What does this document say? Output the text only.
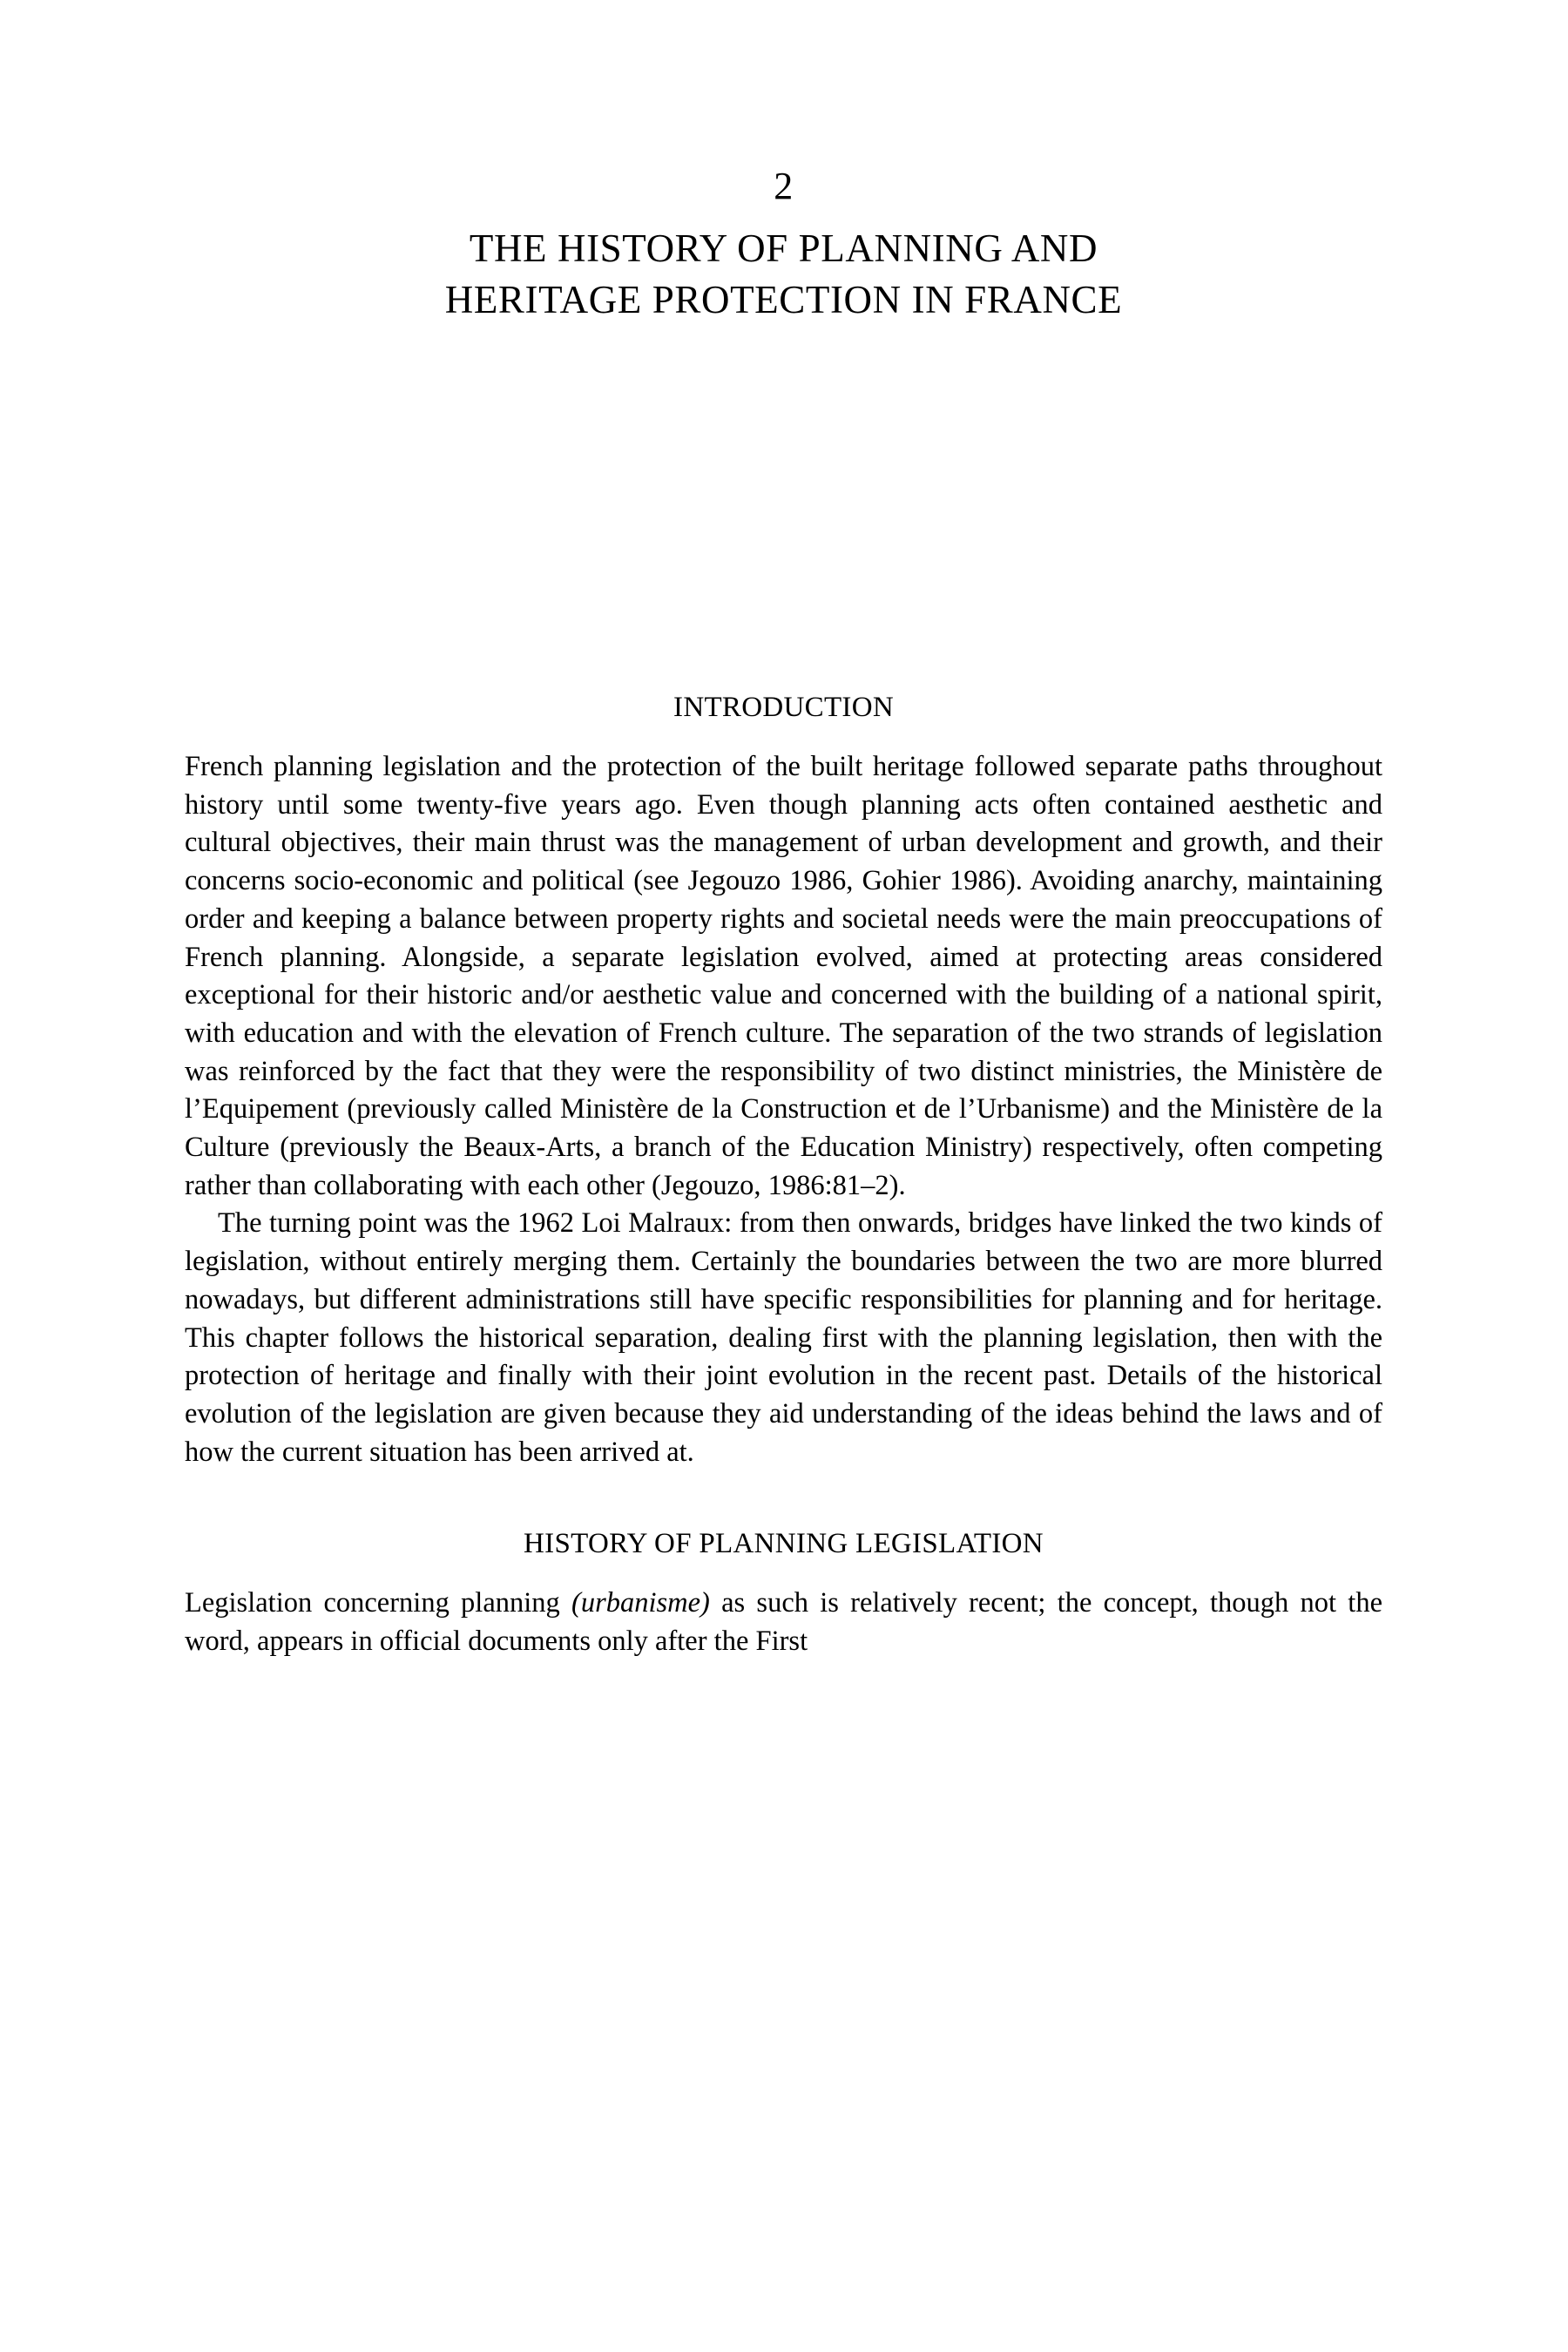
2
THE HISTORY OF PLANNING AND
HERITAGE PROTECTION IN FRANCE
INTRODUCTION

French planning legislation and the protection of the built heritage followed separate paths throughout history until some twenty-five years ago. Even though planning acts often contained aesthetic and cultural objectives, their main thrust was the management of urban development and growth, and their concerns socio-economic and political (see Jegouzo 1986, Gohier 1986). Avoiding anarchy, maintaining order and keeping a balance between property rights and societal needs were the main preoccupations of French planning. Alongside, a separate legislation evolved, aimed at protecting areas considered exceptional for their historic and/or aesthetic value and concerned with the building of a national spirit, with education and with the elevation of French culture. The separation of the two strands of legislation was reinforced by the fact that they were the responsibility of two distinct ministries, the Ministère de l’Equipement (previously called Ministère de la Construction et de l’Urbanisme) and the Ministère de la Culture (previously the Beaux-Arts, a branch of the Education Ministry) respectively, often competing rather than collaborating with each other (Jegouzo, 1986:81–2).

The turning point was the 1962 Loi Malraux: from then onwards, bridges have linked the two kinds of legislation, without entirely merging them. Certainly the boundaries between the two are more blurred nowadays, but different administrations still have specific responsibilities for planning and for heritage. This chapter follows the historical separation, dealing first with the planning legislation, then with the protection of heritage and finally with their joint evolution in the recent past. Details of the historical evolution of the legislation are given because they aid understanding of the ideas behind the laws and of how the current situation has been arrived at.

HISTORY OF PLANNING LEGISLATION

Legislation concerning planning (urbanisme) as such is relatively recent; the concept, though not the word, appears in official documents only after the First
